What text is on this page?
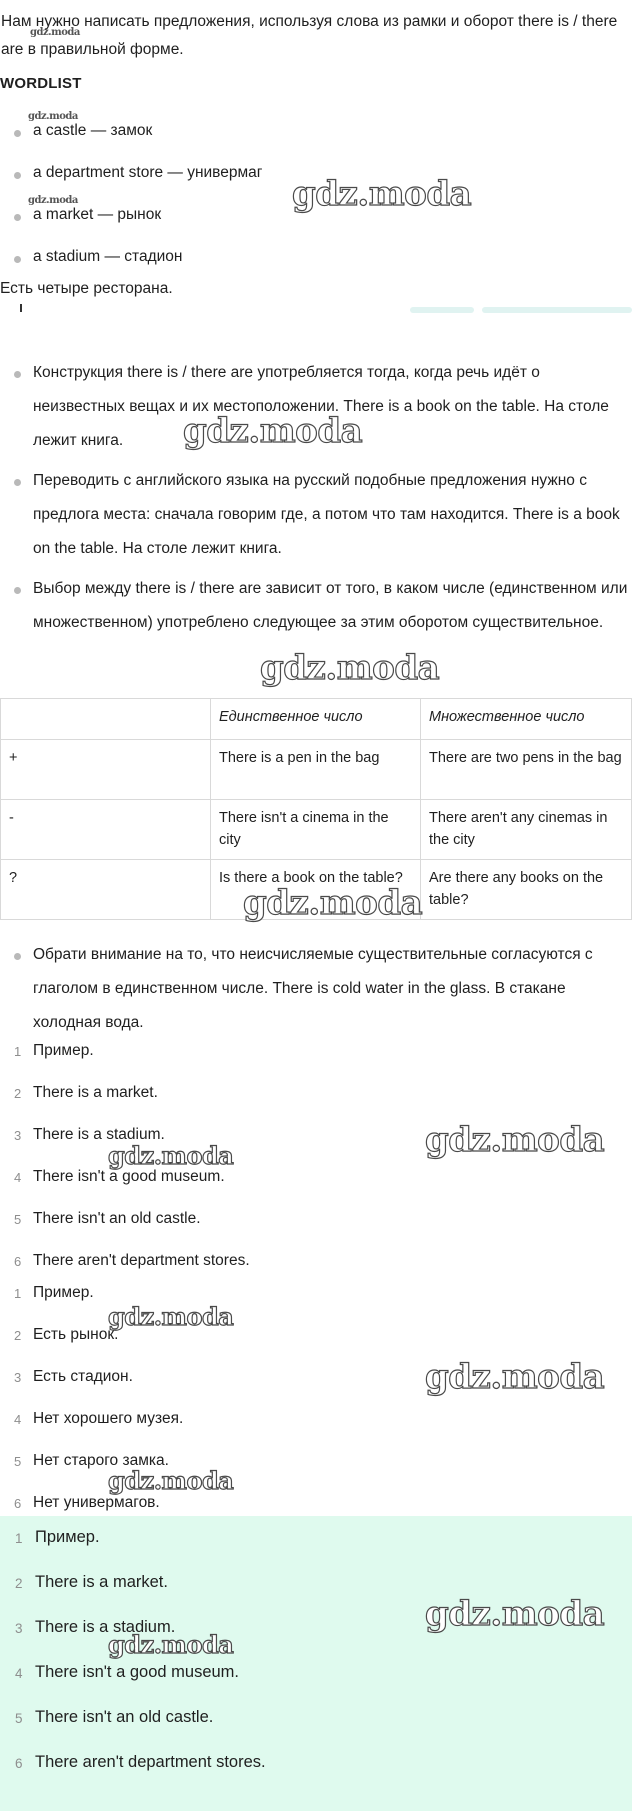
Нам нужно написать предложения, используя слова из рамки и оборот there is / there are в правильной форме.
WORDLIST
a castle — замок
a department store — универмаг
a market — рынок
a stadium — стадион
Есть четыре ресторана.
Конструкция there is / there are употребляется тогда, когда речь идёт о неизвестных вещах и их местоположении. There is a book on the table. На столе лежит книга.
Переводить с английского языка на русский подобные предложения нужно с предлога места: сначала говорим где, а потом что там находится. There is a book on the table. На столе лежит книга.
Выбор между there is / there are зависит от того, в каком числе (единственном или множественном) употреблено следующее за этим оборотом существительное.
	Единственное число	Множественное число
+	There is a pen in the bag	There are two pens in the bag
-	There isn't a cinema in the city	There aren't any cinemas in the city
?	Is there a book on the table?	Are there any books on the table?
Обрати внимание на то, что неисчисляемые существительные согласуются с глаголом в единственном числе. There is cold water in the glass. В стакане холодная вода.
1 Пример.
2 There is a market.
3 There is a stadium.
4 There isn't a good museum.
5 There isn't an old castle.
6 There aren't department stores.
1 Пример.
2 Есть рынок.
3 Есть стадион.
4 Нет хорошего музея.
5 Нет старого замка.
6 Нет универмагов.
1 Пример.
2 There is a market.
3 There is a stadium.
4 There isn't a good museum.
5 There isn't an old castle.
6 There aren't department stores.
gdz.moda
gdz.moda
gdz.moda	gdz.moda
gdz.moda
gdz.moda
gdz.moda
gdz.moda
gdz.moda
gdz.moda
gdz.moda
gdz.moda
gdz.moda
gdz.moda
